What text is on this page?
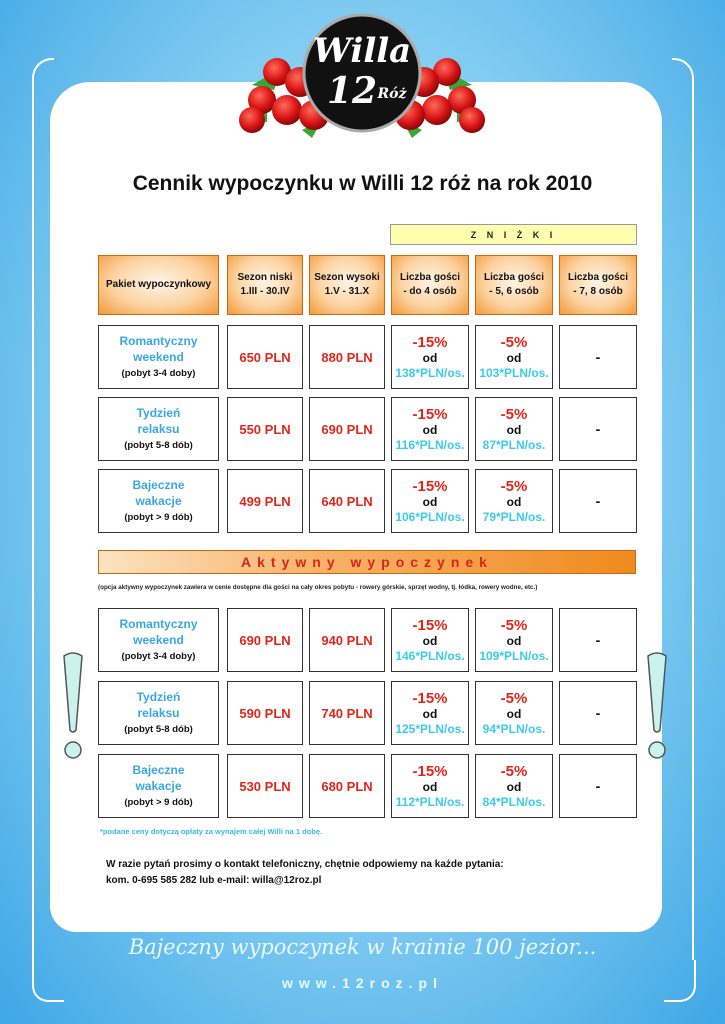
Willa
12 Róż
Cennik wypoczynku w Willi 12 róż na rok 2010
Z N I Ż K I
Pakiet wypoczynkowy
Sezon niski
1.III - 30.IV
Sezon wysoki
1.V - 31.X
Liczba gości
- do 4 osób
Liczba gości
- 5, 6 osób
Liczba gości
- 7, 8 osób
Romantyczny
weekend
(pobyt 3-4 doby)
650 PLN 880 PLN
-15%
od
138*PLN/os.
-5%
od
103*PLN/os.
-
Tydzień
relaksu
(pobyt 5-8 dób)
550 PLN 690 PLN
-15%
od
116*PLN/os.
-5%
od
87*PLN/os.
-
Bajeczne
wakacje
(pobyt > 9 dób)
499 PLN 640 PLN
-15%
od
106*PLN/os.
-5%
od
79*PLN/os.
-
Aktywny wypoczynek
(opcja aktywny wypoczynek zawiera w cenie dostępne dla gości na cały okres pobytu - rowery górskie, sprzęt wodny, tj. łódka, rowery wodne, etc.)
Romantyczny
weekend
(pobyt 3-4 doby)
690 PLN 940 PLN
-15%
od
146*PLN/os.
-5%
od
109*PLN/os.
-
Tydzień
relaksu
(pobyt 5-8 dób)
590 PLN 740 PLN
-15%
od
125*PLN/os.
-5%
od
94*PLN/os.
-
Bajeczne
wakacje
(pobyt > 9 dób)
530 PLN 680 PLN
-15%
od
112*PLN/os.
-5%
od
84*PLN/os.
-
*podane ceny dotyczą opłaty za wynajem całej Willi na 1 dobę.
W razie pytań prosimy o kontakt telefoniczny, chętnie odpowiemy na każde pytania:
kom. 0-695 585 282 lub e-mail: willa@12roz.pl
Bajeczny wypoczynek w krainie 100 jezior...
www.12roz.pl
